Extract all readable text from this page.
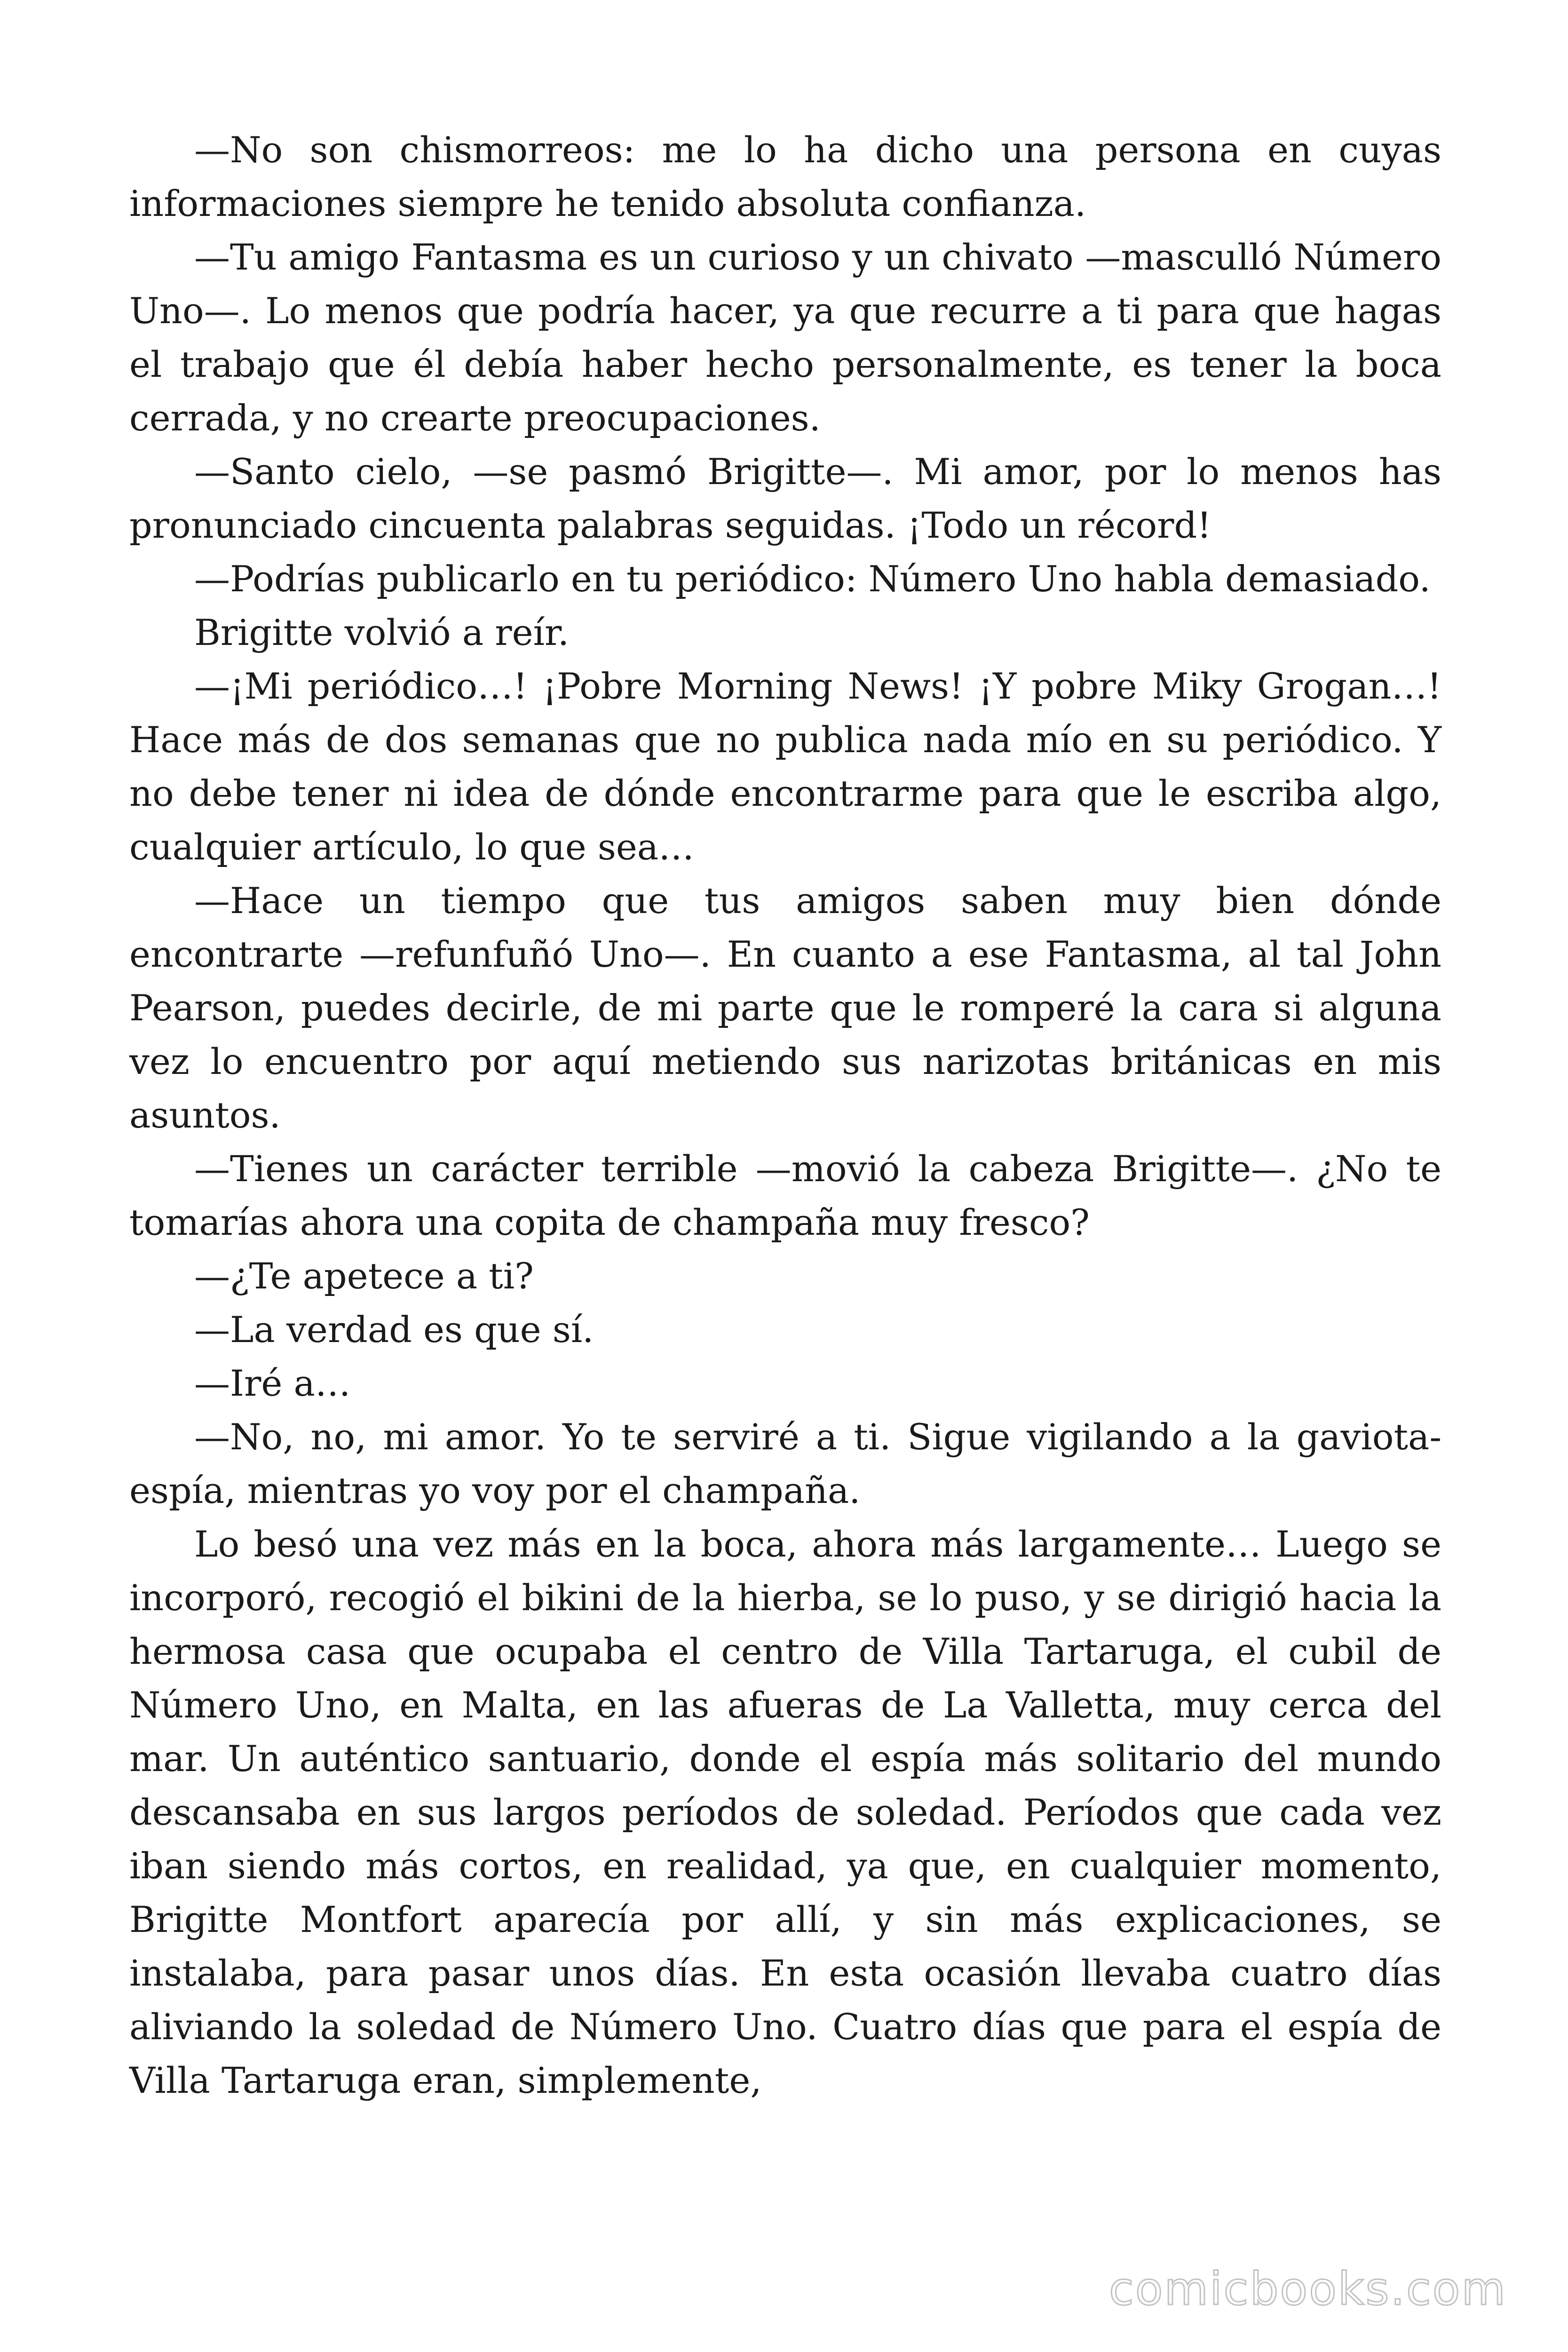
—No son chismorreos: me lo ha dicho una persona en cuyas informaciones siempre he tenido absoluta confianza.

—Tu amigo Fantasma es un curioso y un chivato —masculló Número Uno—. Lo menos que podría hacer, ya que recurre a ti para que hagas el trabajo que él debía haber hecho personalmente, es tener la boca cerrada, y no crearte preocupaciones.

—Santo cielo, —se pasmó Brigitte—. Mi amor, por lo menos has pronunciado cincuenta palabras seguidas. ¡Todo un récord!

—Podrías publicarlo en tu periódico: Número Uno habla demasiado.

Brigitte volvió a reír.

—¡Mi periódico…! ¡Pobre Morning News! ¡Y pobre Miky Grogan…! Hace más de dos semanas que no publica nada mío en su periódico. Y no debe tener ni idea de dónde encontrarme para que le escriba algo, cualquier artículo, lo que sea…

—Hace un tiempo que tus amigos saben muy bien dónde encontrarte —refunfuñó Uno—. En cuanto a ese Fantasma, al tal John Pearson, puedes decirle, de mi parte que le romperé la cara si alguna vez lo encuentro por aquí metiendo sus narizotas británicas en mis asuntos.

—Tienes un carácter terrible —movió la cabeza Brigitte—. ¿No te tomarías ahora una copita de champaña muy fresco?

—¿Te apetece a ti?

—La verdad es que sí.

—Iré a…

—No, no, mi amor. Yo te serviré a ti. Sigue vigilando a la gaviota-espía, mientras yo voy por el champaña.

Lo besó una vez más en la boca, ahora más largamente… Luego se incorporó, recogió el bikini de la hierba, se lo puso, y se dirigió hacia la hermosa casa que ocupaba el centro de Villa Tartaruga, el cubil de Número Uno, en Malta, en las afueras de La Valletta, muy cerca del mar. Un auténtico santuario, donde el espía más solitario del mundo descansaba en sus largos períodos de soledad. Períodos que cada vez iban siendo más cortos, en realidad, ya que, en cualquier momento, Brigitte Montfort aparecía por allí, y sin más explicaciones, se instalaba, para pasar unos días. En esta ocasión llevaba cuatro días aliviando la soledad de Número Uno. Cuatro días que para el espía de Villa Tartaruga eran, simplemente,

comicbooks.com
